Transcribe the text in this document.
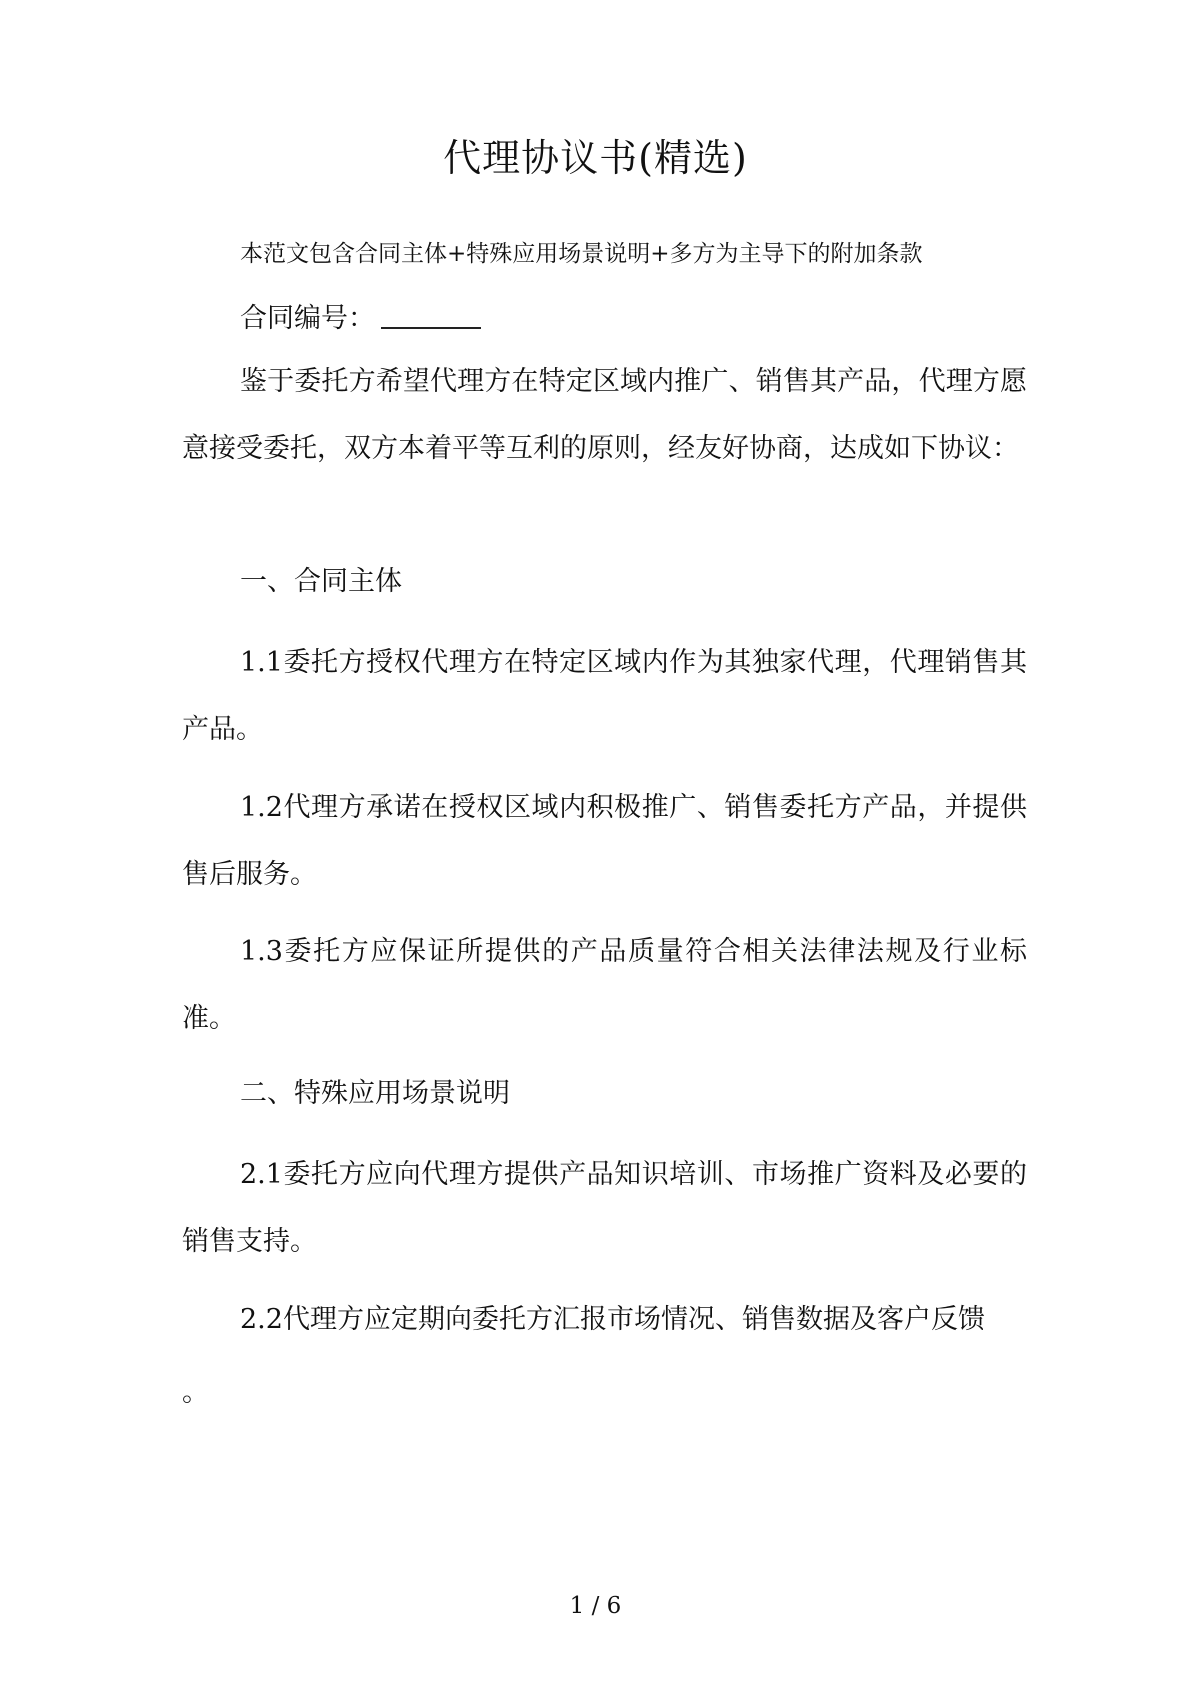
代理协议书(精选)
本范文包含合同主体+特殊应用场景说明+多方为主导下的附加条款
合同编号：
鉴于委托方希望代理方在特定区域内推广、销售其产品，代理方愿意接受委托，双方本着平等互利的原则，经友好协商，达成如下协议：
一、合同主体
1.1委托方授权代理方在特定区域内作为其独家代理，代理销售其产品。
1.2代理方承诺在授权区域内积极推广、销售委托方产品，并提供售后服务。
1.3委托方应保证所提供的产品质量符合相关法律法规及行业标准。
二、特殊应用场景说明
2.1委托方应向代理方提供产品知识培训、市场推广资料及必要的销售支持。
2.2代理方应定期向委托方汇报市场情况、销售数据及客户反馈
。
1 / 6
